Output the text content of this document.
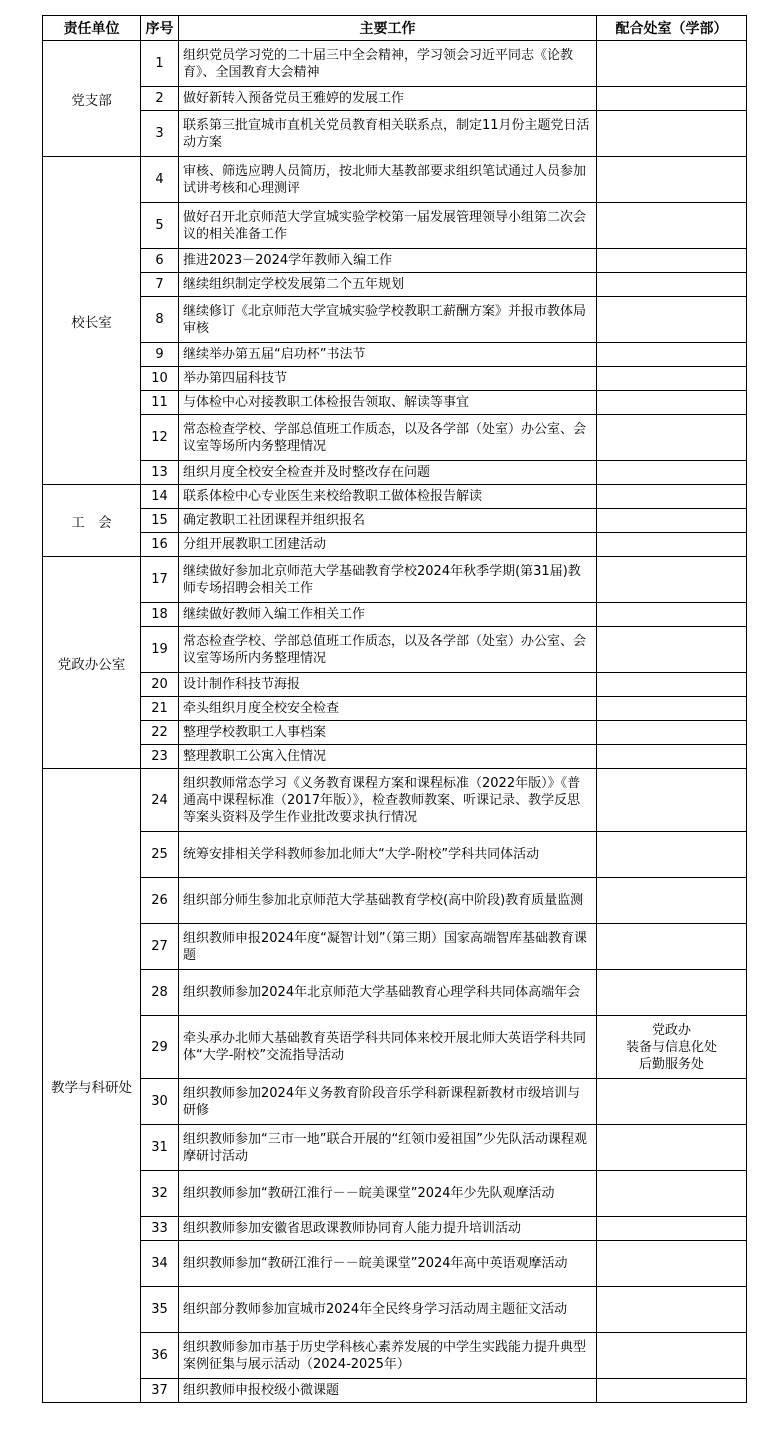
责任单位	序号	主要工作	配合处室（学部）
党支部	1	组织党员学习党的二十届三中全会精神，学习领会习近平同志《论教育》、全国教育大会精神	
	2	做好新转入预备党员王雅婷的发展工作	
	3	联系第三批宣城市直机关党员教育相关联系点，制定11月份主题党日活动方案	
校长室	4	审核、筛选应聘人员简历，按北师大基教部要求组织笔试通过人员参加试讲考核和心理测评	
	5	做好召开北京师范大学宣城实验学校第一届发展管理领导小组第二次会议的相关准备工作	
	6	推进2023－2024学年教师入编工作	
	7	继续组织制定学校发展第二个五年规划	
	8	继续修订《北京师范大学宣城实验学校教职工薪酬方案》并报市教体局审核	
	9	继续举办第五届“启功杯”书法节	
	10	举办第四届科技节	
	11	与体检中心对接教职工体检报告领取、解读等事宜	
	12	常态检查学校、学部总值班工作质态，以及各学部（处室）办公室、会议室等场所内务整理情况	
	13	组织月度全校安全检查并及时整改存在问题	
工　会	14	联系体检中心专业医生来校给教职工做体检报告解读	
	15	确定教职工社团课程并组织报名	
	16	分组开展教职工团建活动	
党政办公室	17	继续做好参加北京师范大学基础教育学校2024年秋季学期(第31届)教师专场招聘会相关工作	
	18	继续做好教师入编工作相关工作	
	19	常态检查学校、学部总值班工作质态，以及各学部（处室）办公室、会议室等场所内务整理情况	
	20	设计制作科技节海报	
	21	牵头组织月度全校安全检查	
	22	整理学校教职工人事档案	
	23	整理教职工公寓入住情况	
教学与科研处	24	组织教师常态学习《义务教育课程方案和课程标准（2022年版）》《普通高中课程标准（2017年版）》，检查教师教案、听课记录、教学反思等案头资料及学生作业批改要求执行情况	
	25	统筹安排相关学科教师参加北师大“大学-附校”学科共同体活动	
	26	组织部分师生参加北京师范大学基础教育学校(高中阶段)教育质量监测	
	27	组织教师申报2024年度“凝智计划”（第三期）国家高端智库基础教育课题	
	28	组织教师参加2024年北京师范大学基础教育心理学科共同体高端年会	
	29	牵头承办北师大基础教育英语学科共同体来校开展北师大英语学科共同体“大学-附校”交流指导活动	党政办
装备与信息化处
后勤服务处

	30	组织教师参加2024年义务教育阶段音乐学科新课程新教材市级培训与研修	
	31	组织教师参加“三市一地”联合开展的“红领巾爱祖国”少先队活动课程观摩研讨活动	
	32	组织教师参加“教研江淮行－－皖美课堂”2024年少先队观摩活动	
	33	组织教师参加安徽省思政课教师协同育人能力提升培训活动	
	34	组织教师参加“教研江淮行－－皖美课堂”2024年高中英语观摩活动	
	35	组织部分教师参加宣城市2024年全民终身学习活动周主题征文活动	
	36	组织教师参加市基于历史学科核心素养发展的中学生实践能力提升典型案例征集与展示活动（2024-2025年）	
	37	组织教师申报校级小微课题	
